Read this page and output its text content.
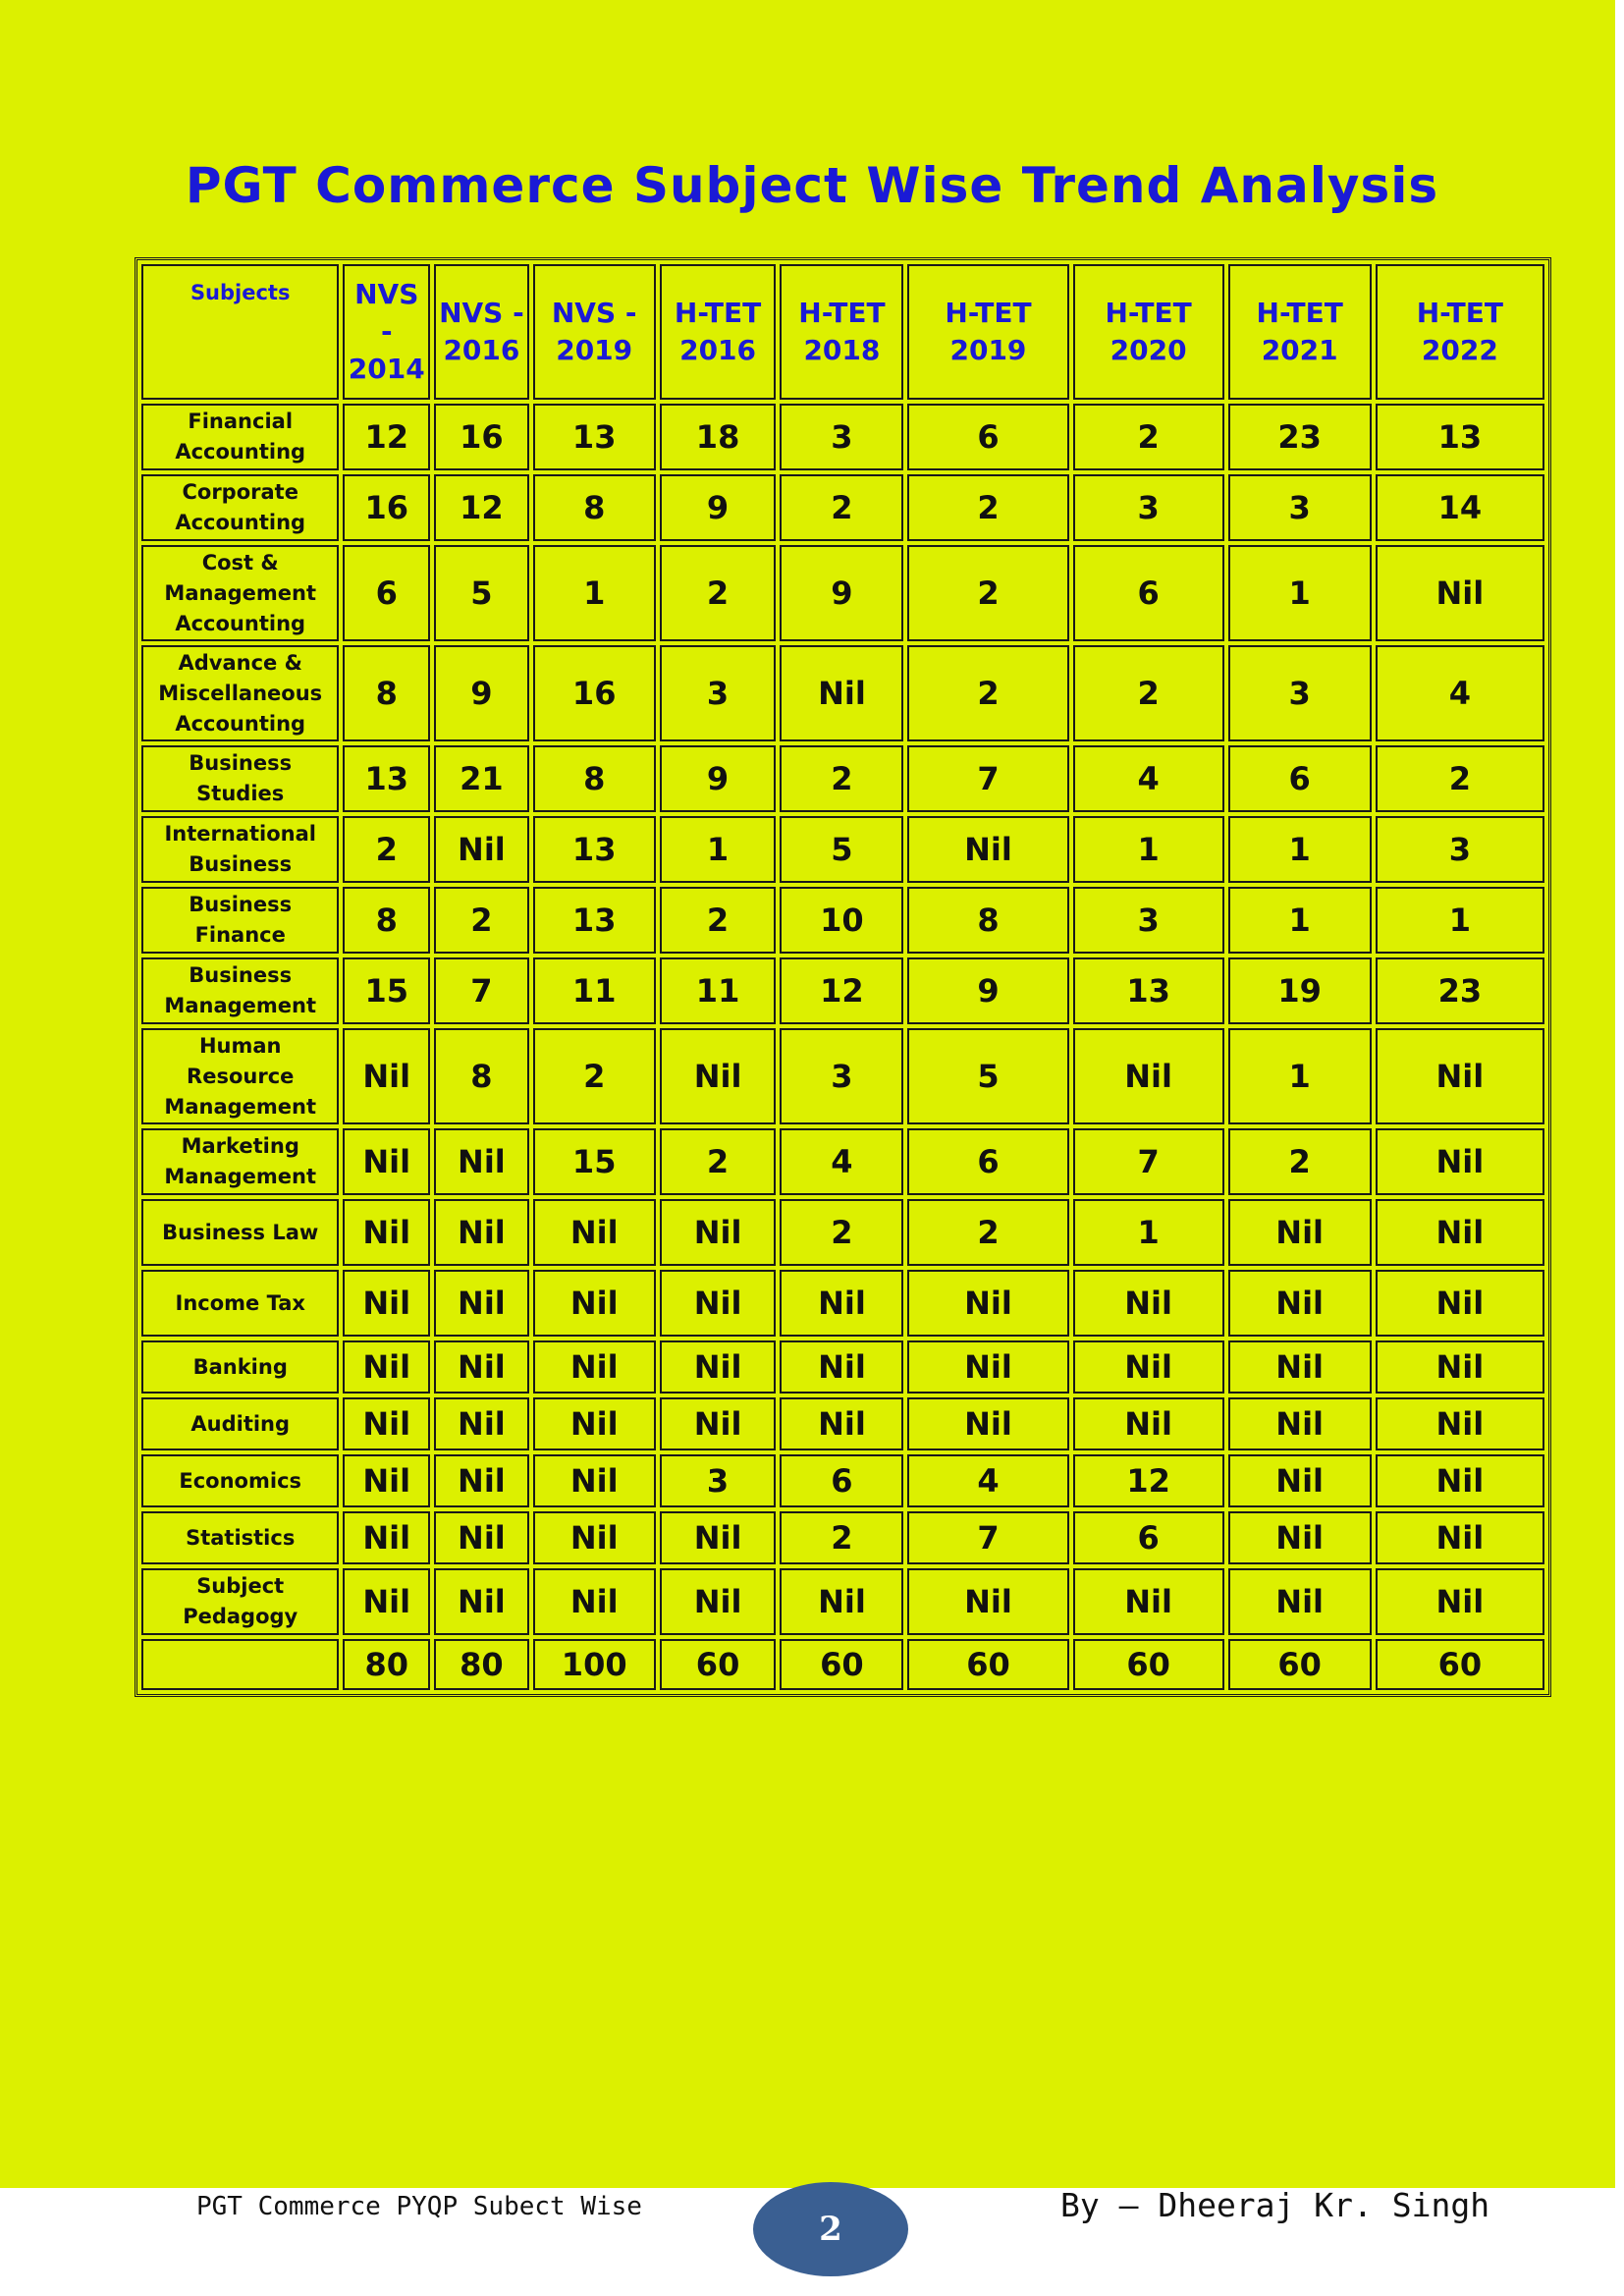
PGT Commerce Subject Wise Trend Analysis
Subjects	NVS - 2014	NVS - 2016	NVS - 2019	H-TET 2016	H-TET 2018	H-TET 2019	H-TET 2020	H-TET 2021	H-TET 2022
Financial Accounting	12	16	13	18	3	6	2	23	13
Corporate Accounting	16	12	8	9	2	2	3	3	14
Cost & Management Accounting	6	5	1	2	9	2	6	1	Nil
Advance & Miscellaneous Accounting	8	9	16	3	Nil	2	2	3	4
Business Studies	13	21	8	9	2	7	4	6	2
International Business	2	Nil	13	1	5	Nil	1	1	3
Business Finance	8	2	13	2	10	8	3	1	1
Business Management	15	7	11	11	12	9	13	19	23
Human Resource Management	Nil	8	2	Nil	3	5	Nil	1	Nil
Marketing Management	Nil	Nil	15	2	4	6	7	2	Nil
Business Law	Nil	Nil	Nil	Nil	2	2	1	Nil	Nil
Income Tax	Nil	Nil	Nil	Nil	Nil	Nil	Nil	Nil	Nil
Banking	Nil	Nil	Nil	Nil	Nil	Nil	Nil	Nil	Nil
Auditing	Nil	Nil	Nil	Nil	Nil	Nil	Nil	Nil	Nil
Economics	Nil	Nil	Nil	3	6	4	12	Nil	Nil
Statistics	Nil	Nil	Nil	Nil	2	7	6	Nil	Nil
Subject Pedagogy	Nil	Nil	Nil	Nil	Nil	Nil	Nil	Nil	Nil
	80	80	100	60	60	60	60	60	60
PGT Commerce PYQP Subect Wise
2
By – Dheeraj Kr. Singh
